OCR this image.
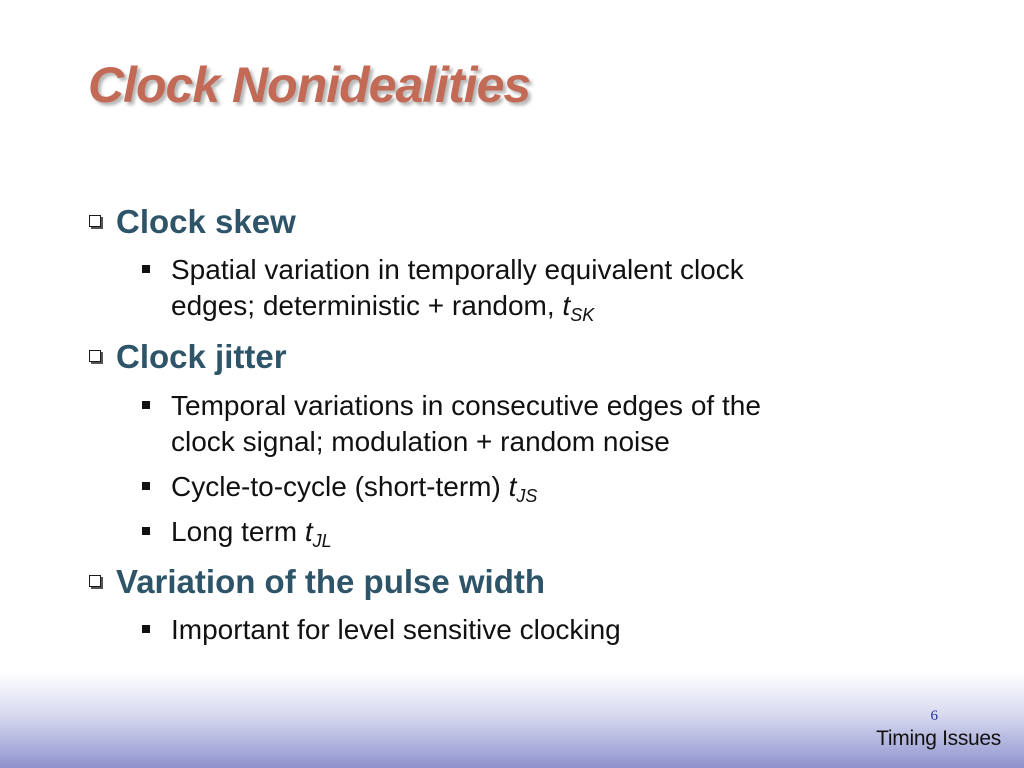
Clock Nonidealities
Clock skew
Spatial variation in temporally equivalent clock
edges; deterministic + random, $t_{SK}$
Clock jitter
Temporal variations in consecutive edges of the
clock signal; modulation + random noise
Cycle-to-cycle (short-term) $t_{JS}$
Long term $t_{JL}$
Variation of the pulse width
Important for level sensitive clocking
6
Timing Issues
